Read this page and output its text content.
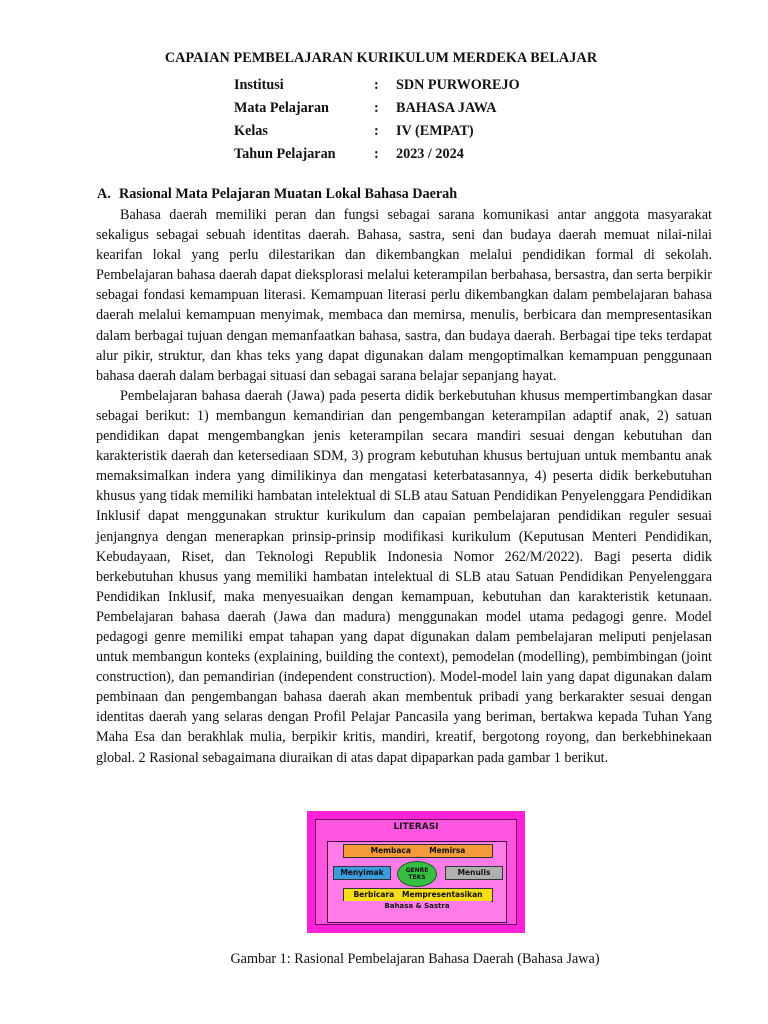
CAPAIAN PEMBELAJARAN KURIKULUM MERDEKA BELAJAR
Institusi	:	SDN PURWOREJO
Mata Pelajaran	:	BAHASA JAWA
Kelas	:	IV (EMPAT)
Tahun Pelajaran	:	2023 / 2024
A. Rasional Mata Pelajaran Muatan Lokal Bahasa Daerah

Bahasa daerah memiliki peran dan fungsi sebagai sarana komunikasi antar anggota masyarakat sekaligus sebagai sebuah identitas daerah. Bahasa, sastra, seni dan budaya daerah memuat nilai-nilai kearifan lokal yang perlu dilestarikan dan dikembangkan melalui pendidikan formal di sekolah. Pembelajaran bahasa daerah dapat dieksplorasi melalui keterampilan berbahasa, bersastra, dan serta berpikir sebagai fondasi kemampuan literasi. Kemampuan literasi perlu dikembangkan dalam pembelajaran bahasa daerah melalui kemampuan menyimak, membaca dan memirsa, menulis, berbicara dan mempresentasikan dalam berbagai tujuan dengan memanfaatkan bahasa, sastra, dan budaya daerah. Berbagai tipe teks terdapat alur pikir, struktur, dan khas teks yang dapat digunakan dalam mengoptimalkan kemampuan penggunaan bahasa daerah dalam berbagai situasi dan sebagai sarana belajar sepanjang hayat.

Pembelajaran bahasa daerah (Jawa) pada peserta didik berkebutuhan khusus mempertimbangkan dasar sebagai berikut: 1) membangun kemandirian dan pengembangan keterampilan adaptif anak, 2) satuan pendidikan dapat mengembangkan jenis keterampilan secara mandiri sesuai dengan kebutuhan dan karakteristik daerah dan ketersediaan SDM, 3) program kebutuhan khusus bertujuan untuk membantu anak memaksimalkan indera yang dimilikinya dan mengatasi keterbatasannya, 4) peserta didik berkebutuhan khusus yang tidak memiliki hambatan intelektual di SLB atau Satuan Pendidikan Penyelenggara Pendidikan Inklusif dapat menggunakan struktur kurikulum dan capaian pembelajaran pendidikan reguler sesuai jenjangnya dengan menerapkan prinsip-prinsip modifikasi kurikulum (Keputusan Menteri Pendidikan, Kebudayaan, Riset, dan Teknologi Republik Indonesia Nomor 262/M/2022). Bagi peserta didik berkebutuhan khusus yang memiliki hambatan intelektual di SLB atau Satuan Pendidikan Penyelenggara Pendidikan Inklusif, maka menyesuaikan dengan kemampuan, kebutuhan dan karakteristik ketunaan. Pembelajaran bahasa daerah (Jawa dan madura) menggunakan model utama pedagogi genre. Model pedagogi genre memiliki empat tahapan yang dapat digunakan dalam pembelajaran meliputi penjelasan untuk membangun konteks (explaining, building the context), pemodelan (modelling), pembimbingan (joint construction), dan pemandirian (independent construction). Model-model lain yang dapat digunakan dalam pembinaan dan pengembangan bahasa daerah akan membentuk pribadi yang berkarakter sesuai dengan identitas daerah yang selaras dengan Profil Pelajar Pancasila yang beriman, bertakwa kepada Tuhan Yang Maha Esa dan berakhlak mulia, berpikir kritis, mandiri, kreatif, bergotong royong, dan berkebhinekaan global. 2 Rasional sebagaimana diuraikan di atas dapat dipaparkan pada gambar 1 berikut.

LITERASI
Membaca Memirsa
Menyimak	Menulis
GENRE
TEKS
Berbicara Mempresentasikan
Bahasa & Sastra
Gambar 1: Rasional Pembelajaran Bahasa Daerah (Bahasa Jawa)
